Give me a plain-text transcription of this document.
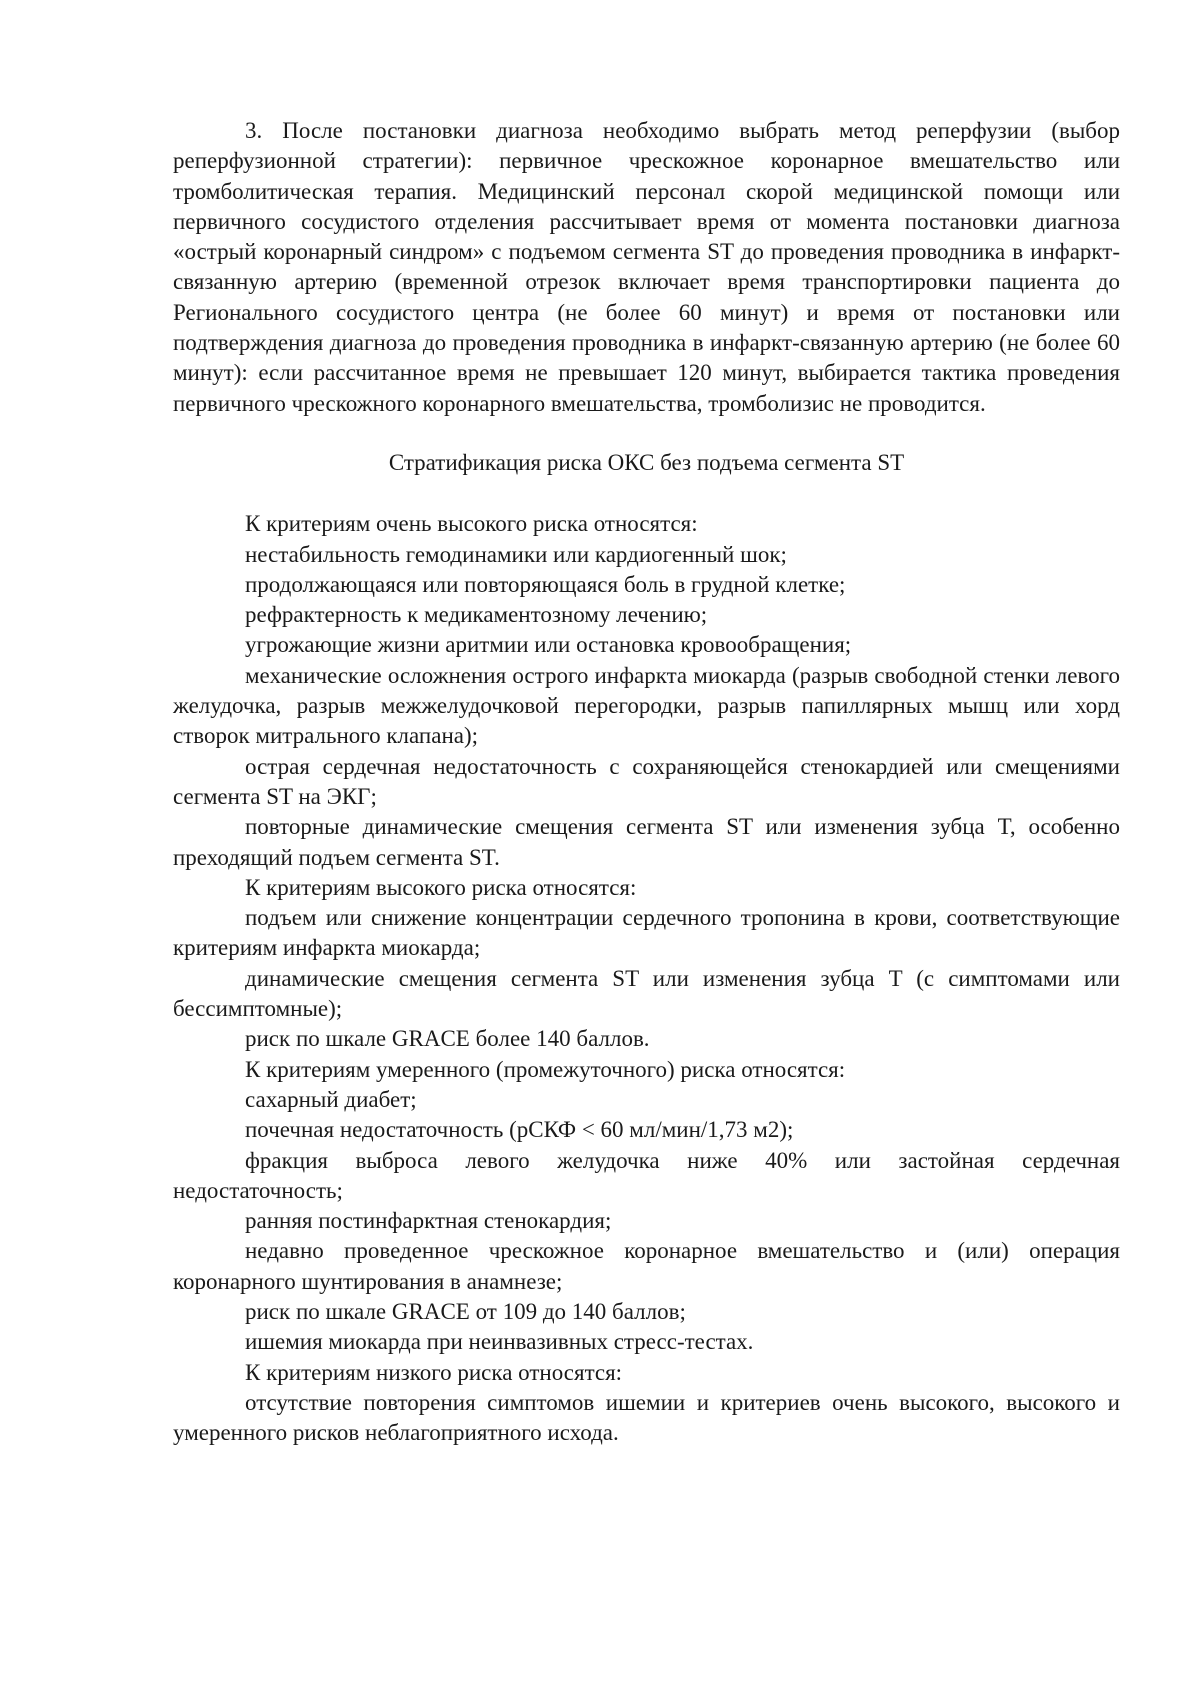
3. После постановки диагноза необходимо выбрать метод реперфузии (выбор реперфузионной стратегии): первичное чрескожное коронарное вмешательство или тромболитическая терапия. Медицинский персонал скорой медицинской помощи или первичного сосудистого отделения рассчитывает время от момента постановки диагноза «острый коронарный синдром» с подъемом сегмента ST до проведения проводника в инфаркт-связанную артерию (временной отрезок включает время транспортировки пациента до Регионального сосудистого центра (не более 60 минут) и время от постановки или подтверждения диагноза до проведения проводника в инфаркт-связанную артерию (не более 60 минут): если рассчитанное время не превышает 120 минут, выбирается тактика проведения первичного чрескожного коронарного вмешательства, тромболизис не проводится.

Стратификация риска ОКС без подъема сегмента ST

К критериям очень высокого риска относятся:

нестабильность гемодинамики или кардиогенный шок;

продолжающаяся или повторяющаяся боль в грудной клетке;

рефрактерность к медикаментозному лечению;

угрожающие жизни аритмии или остановка кровообращения;

механические осложнения острого инфаркта миокарда (разрыв свободной стенки левого желудочка, разрыв межжелудочковой перегородки, разрыв папиллярных мышц или хорд створок митрального клапана);

острая сердечная недостаточность с сохраняющейся стенокардией или смещениями сегмента ST на ЭКГ;

повторные динамические смещения сегмента ST или изменения зубца T, особенно преходящий подъем сегмента ST.

К критериям высокого риска относятся:

подъем или снижение концентрации сердечного тропонина в крови, соответствующие критериям инфаркта миокарда;

динамические смещения сегмента ST или изменения зубца T (с симптомами или бессимптомные);

риск по шкале GRACE более 140 баллов.

К критериям умеренного (промежуточного) риска относятся:

сахарный диабет;

почечная недостаточность (рСКФ < 60 мл/мин/1,73 м2);

фракция выброса левого желудочка ниже 40% или застойная сердечная недостаточность;

ранняя постинфарктная стенокардия;

недавно проведенное чрескожное коронарное вмешательство и (или) операция коронарного шунтирования в анамнезе;

риск по шкале GRACE от 109 до 140 баллов;

ишемия миокарда при неинвазивных стресс-тестах.

К критериям низкого риска относятся:

отсутствие повторения симптомов ишемии и критериев очень высокого, высокого и умеренного рисков неблагоприятного исхода.
